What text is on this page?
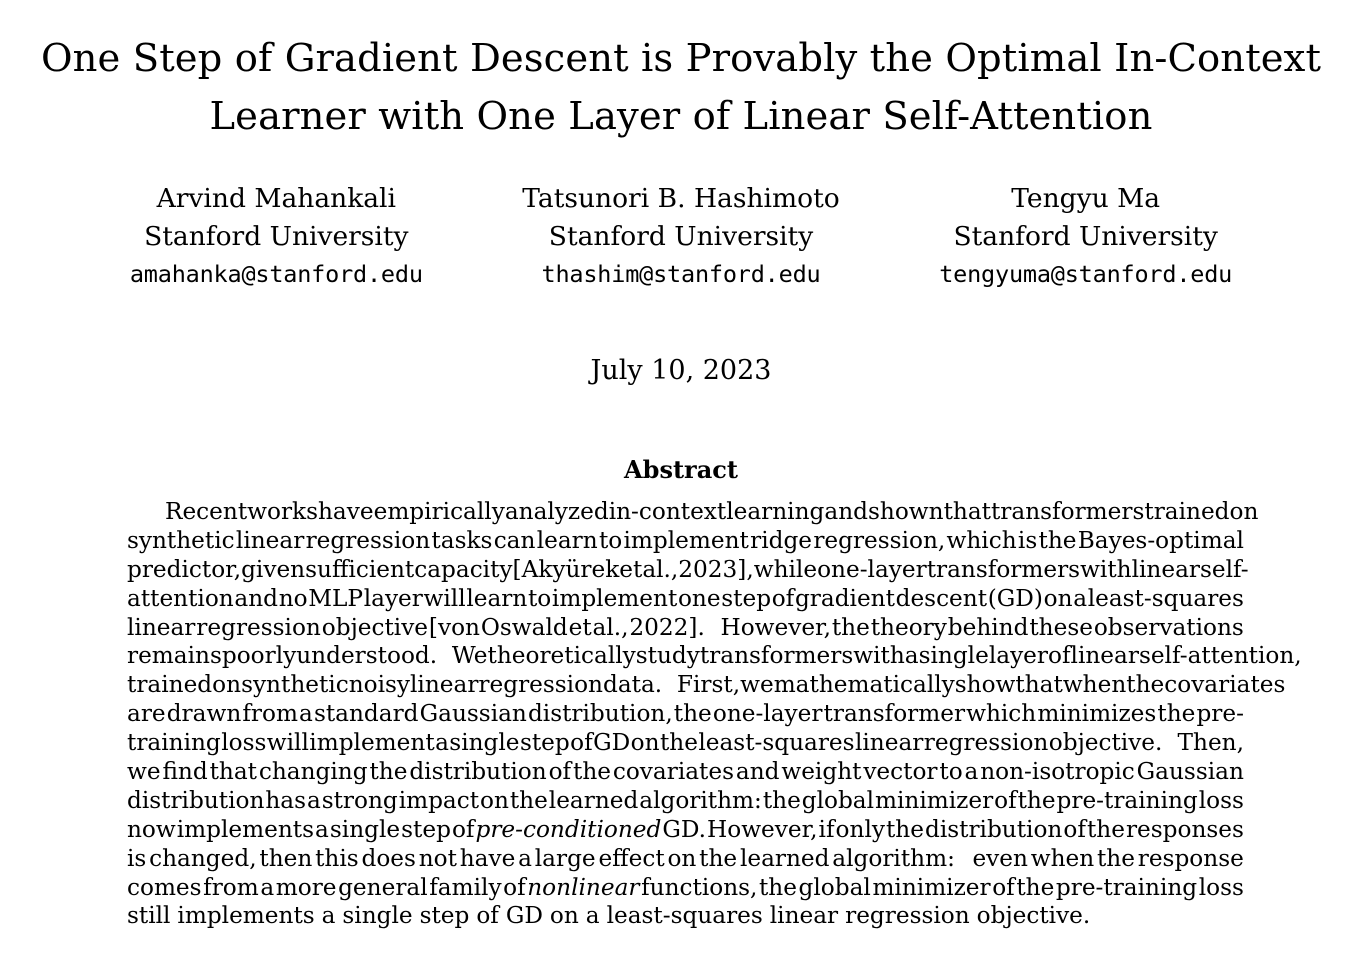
One Step of Gradient Descent is Provably the Optimal In-Context
Learner with One Layer of Linear Self-Attention
Arvind Mahankali
Stanford University
amahanka@stanford.edu
Tatsunori B. Hashimoto
Stanford University
thashim@stanford.edu
Tengyu Ma
Stanford University
tengyuma@stanford.edu
July 10, 2023
Abstract
Recent works have empirically analyzed in-context learning and shown that transformers trained on
synthetic linear regression tasks can learn to implement ridge regression, which is the Bayes-optimal
predictor, given sufficient capacity [Akyürek et al., 2023], while one-layer transformers with linear self-
attention and no MLP layer will learn to implement one step of gradient descent (GD) on a least-squares
linear regression objective [von Oswald et al., 2022]. However, the theory behind these observations
remains poorly understood. We theoretically study transformers with a single layer of linear self-attention,
trained on synthetic noisy linear regression data. First, we mathematically show that when the covariates
are drawn from a standard Gaussian distribution, the one-layer transformer which minimizes the pre-
training loss will implement a single step of GD on the least-squares linear regression objective. Then,
we find that changing the distribution of the covariates and weight vector to a non-isotropic Gaussian
distribution has a strong impact on the learned algorithm: the global minimizer of the pre-training loss
now implements a single step of pre-conditioned GD. However, if only the distribution of the responses
is changed, then this does not have a large effect on the learned algorithm: even when the response
comes from a more general family of nonlinear functions, the global minimizer of the pre-training loss
still implements a single step of GD on a least-squares linear regression objective.
